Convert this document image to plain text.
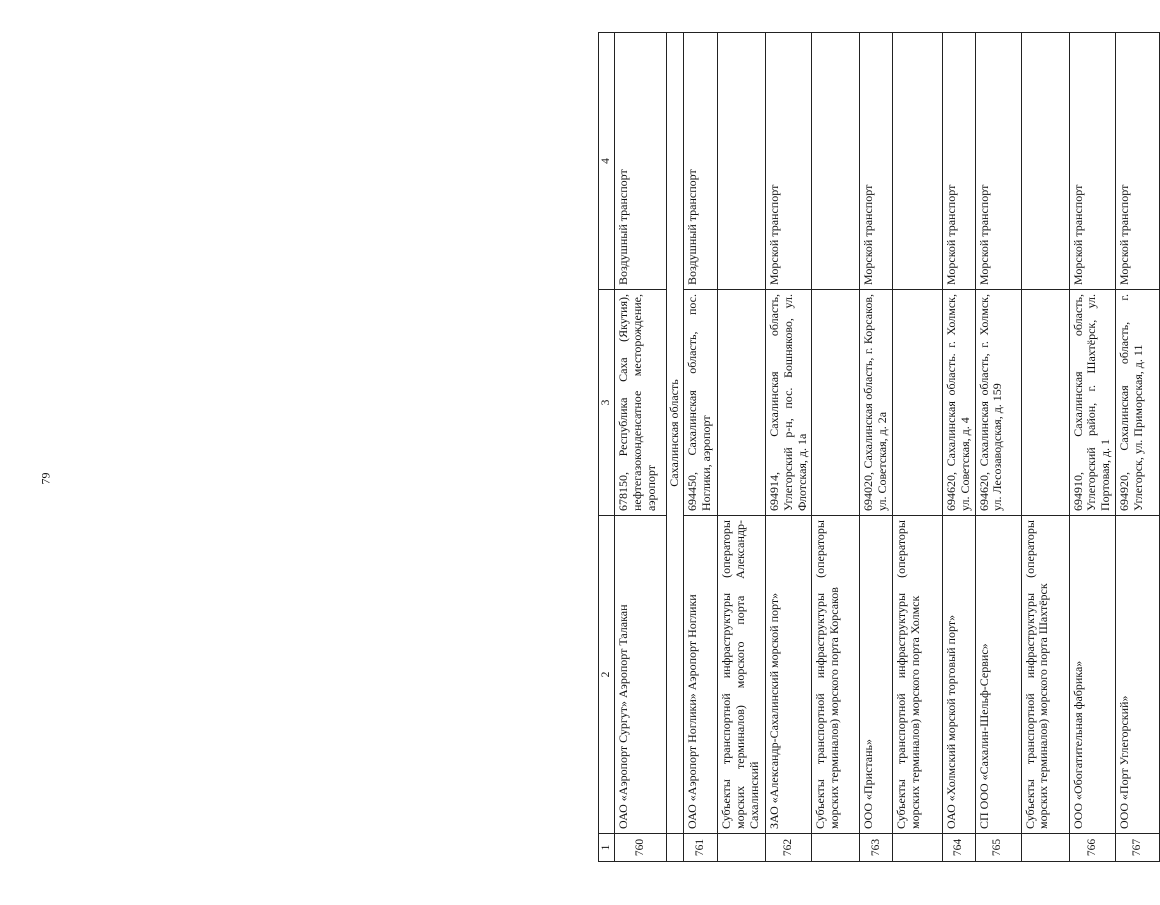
79
1	2	3	4
760	ОАО «Аэропорт Сургут» Аэропорт Талакан	678150, Республика Саха (Якутия), нефтегазоконденсатное месторождение, аэропорт	Воздушный транспорт
	Сахалинская область		
761	ОАО «Аэропорт Ноглики» Аэропорт Ноглики	694450, Сахалинская область, пос. Ноглики, аэропорт	Воздушный транспорт
	Субъекты транспортной инфраструктуры (операторы морских терминалов) морского порта Александр-Сахалинский		
762	ЗАО «Александр-Сахалинский морской порт»	694914, Сахалинская область, Углегорский р-н, пос. Бошняково, ул. Флотская, д. 1а	Морской транспорт
	Субъекты транспортной инфраструктуры (операторы морских терминалов) морского порта Корсаков		
763	ООО «Пристань»	694020, Сахалинская область, г. Корсаков, ул. Советская, д. 2а	Морской транспорт
	Субъекты транспортной инфраструктуры (операторы морских терминалов) морского порта Холмск		
764	ОАО «Холмский морской торговый порт»	694620, Сахалинская область. г. Холмск, ул. Советская, д. 4	Морской транспорт
765	СП ООО «Сахалин-Шельф-Сервис»	694620, Сахалинская область, г. Холмск, ул. Лесозаводская, д. 159	Морской транспорт
	Субъекты транспортной инфраструктуры (операторы морских терминалов) морского порта Шахтёрск		
766	ООО «Обогатительная фабрика»	694910, Сахалинская область, Углегорский район, г. Шахтёрск, ул. Портовая, д. 1	Морской транспорт
767	ООО «Порт Углегорский»	694920, Сахалинская область, г. Углегорск, ул. Приморская, д. 11	Морской транспорт
